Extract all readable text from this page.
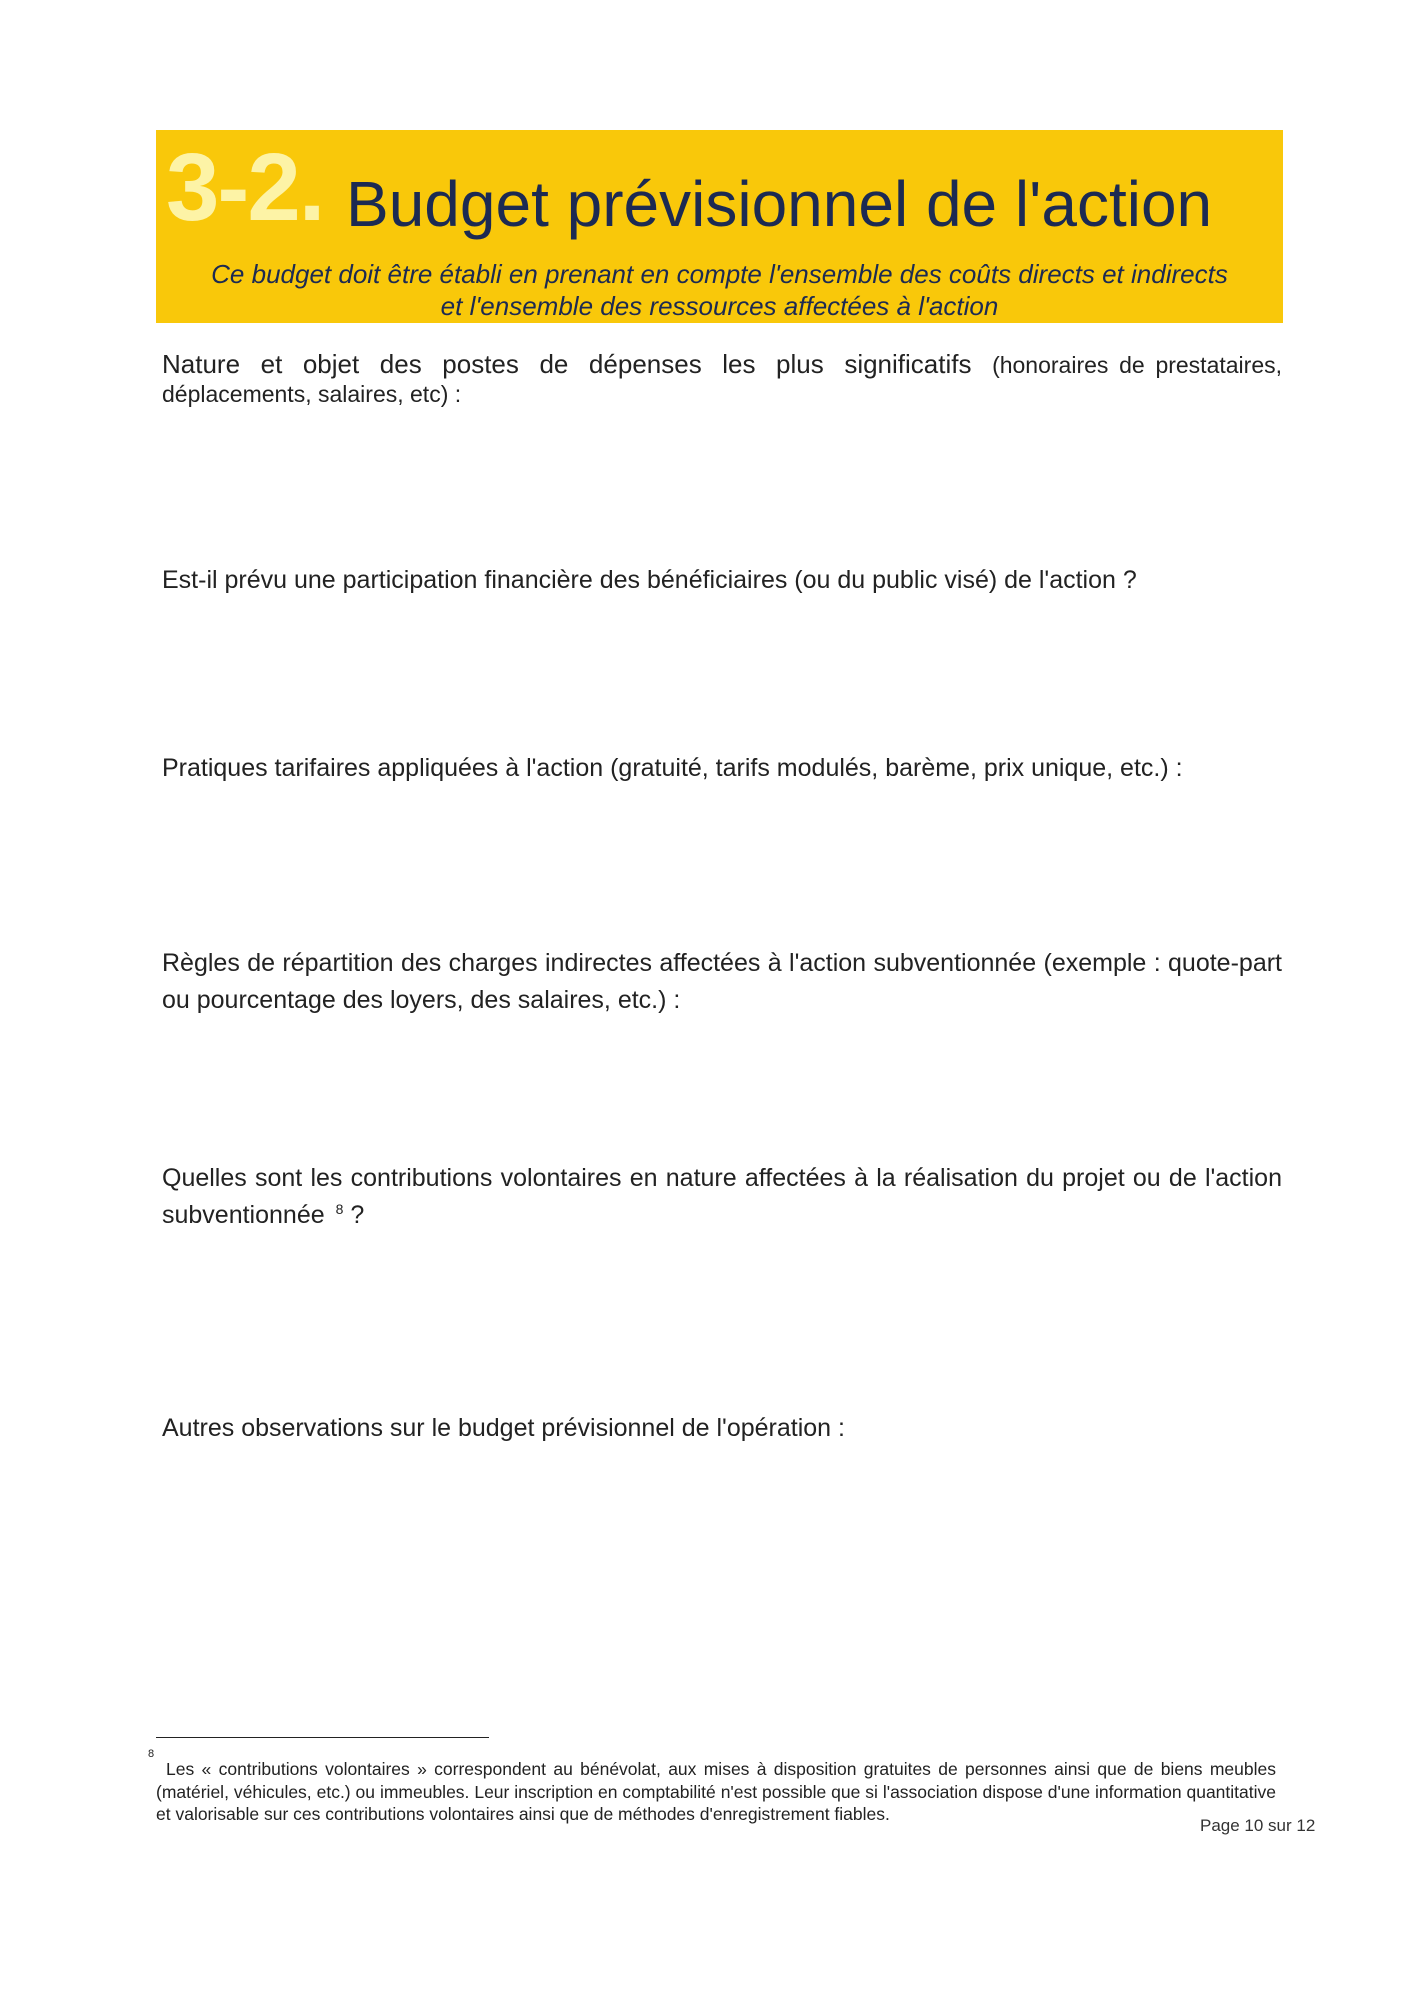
3-2. Budget prévisionnel de l'action
Ce budget doit être établi en prenant en compte l'ensemble des coûts directs et indirects
et l'ensemble des ressources affectées à l'action
Nature et objet des postes de dépenses les plus significatifs (honoraires de prestataires, déplacements, salaires, etc) :
Est-il prévu une participation financière des bénéficiaires (ou du public visé) de l'action ?
Pratiques tarifaires appliquées à l'action (gratuité, tarifs modulés, barème, prix unique, etc.) :
Règles de répartition des charges indirectes affectées à l'action subventionnée (exemple : quote-part ou pourcentage des loyers, des salaires, etc.) :
Quelles sont les contributions volontaires en nature affectées à la réalisation du projet ou de l'action subventionnée $^8$ ?
Autres observations sur le budget prévisionnel de l'opération :
8
Les « contributions volontaires » correspondent au bénévolat, aux mises à disposition gratuites de personnes ainsi que de biens meubles (matériel, véhicules, etc.) ou immeubles. Leur inscription en comptabilité n'est possible que si l'association dispose d'une information quantitative et valorisable sur ces contributions volontaires ainsi que de méthodes d'enregistrement fiables.
Page 10 sur 12
